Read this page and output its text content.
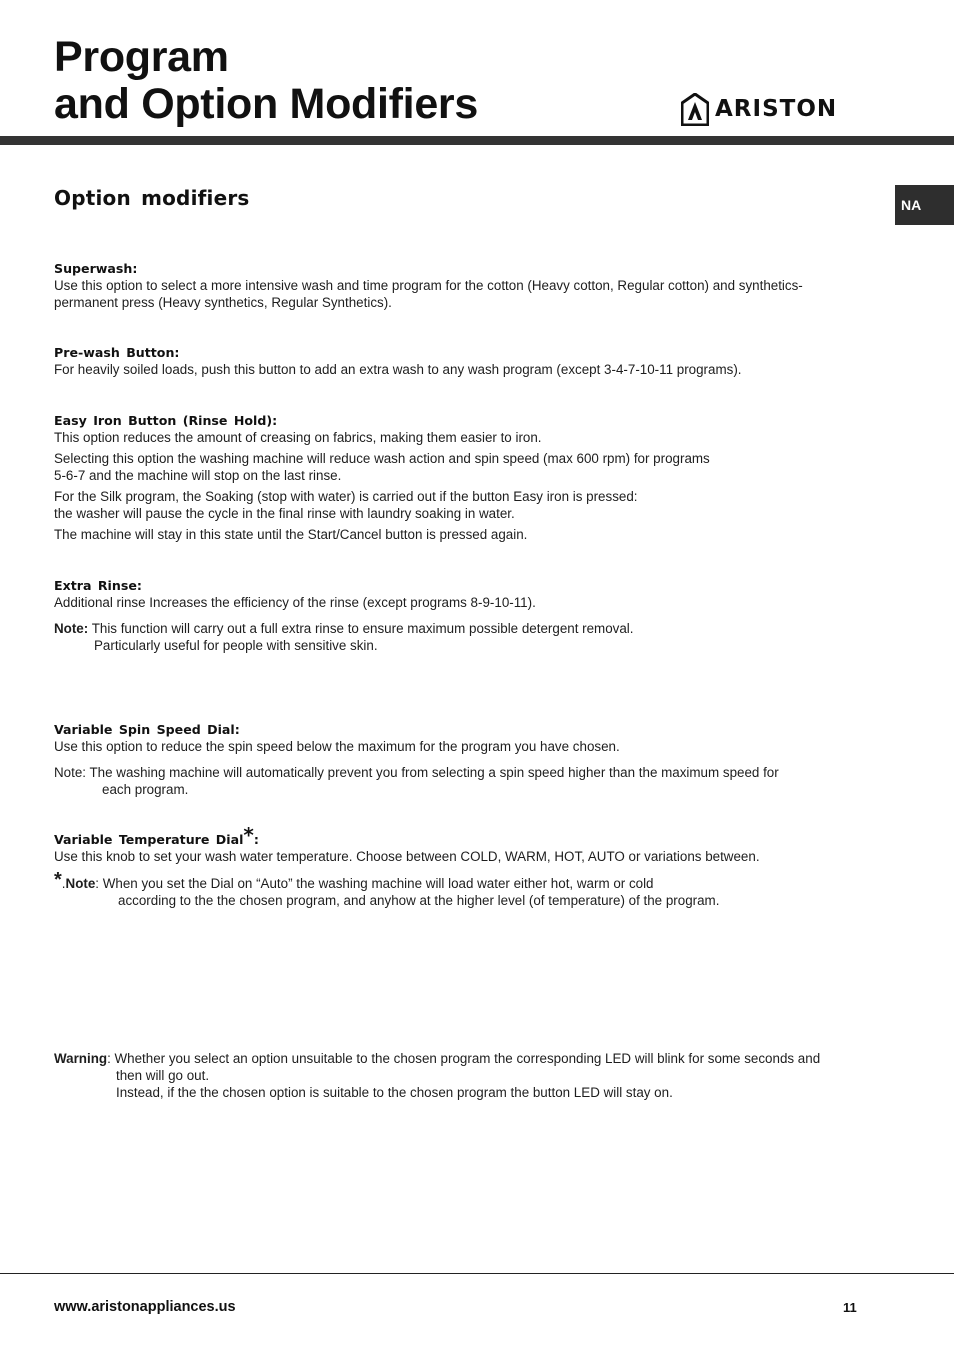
Program
and Option Modifiers	ARISTON
Option modifiers	NA
Superwash:

Use this option to select a more intensive wash and time program for the cotton (Heavy cotton, Regular cotton) and synthetics-

permanent press (Heavy synthetics, Regular Synthetics).

Pre-wash Button:

For heavily soiled loads, push this button to add an extra wash to any wash program (except 3-4-7-10-11 programs).

Easy Iron Button (Rinse Hold):

This option reduces the amount of creasing on fabrics, making them easier to iron.

Selecting this option the washing machine will reduce wash action and spin speed (max 600 rpm) for programs

5-6-7 and the machine will stop on the last rinse.

For the Silk program, the Soaking (stop with water) is carried out if the button Easy iron is pressed:

the washer will pause the cycle in the final rinse with laundry soaking in water.

The machine will stay in this state until the Start/Cancel button is pressed again.

Extra Rinse:

Additional rinse Increases the efficiency of the rinse (except programs 8-9-10-11).

Note: This function will carry out a full extra rinse to ensure maximum possible detergent removal.

Particularly useful for people with sensitive skin.

Variable Spin Speed Dial:

Use this option to reduce the spin speed below the maximum for the program you have chosen.

Note: The washing machine will automatically prevent you from selecting a spin speed higher than the maximum speed for

each program.

Variable Temperature Dial*:

Use this knob to set your wash water temperature. Choose between COLD, WARM, HOT, AUTO or variations between.

*.Note: When you set the Dial on “Auto” the washing machine will load water either hot, warm or cold

according to the the chosen program, and anyhow at the higher level (of temperature) of the program.

Warning: Whether you select an option unsuitable to the chosen program the corresponding LED will blink for some seconds and

then will go out.

Instead, if the the chosen option is suitable to the chosen program the button LED will stay on.

www.aristonappliances.us	11
